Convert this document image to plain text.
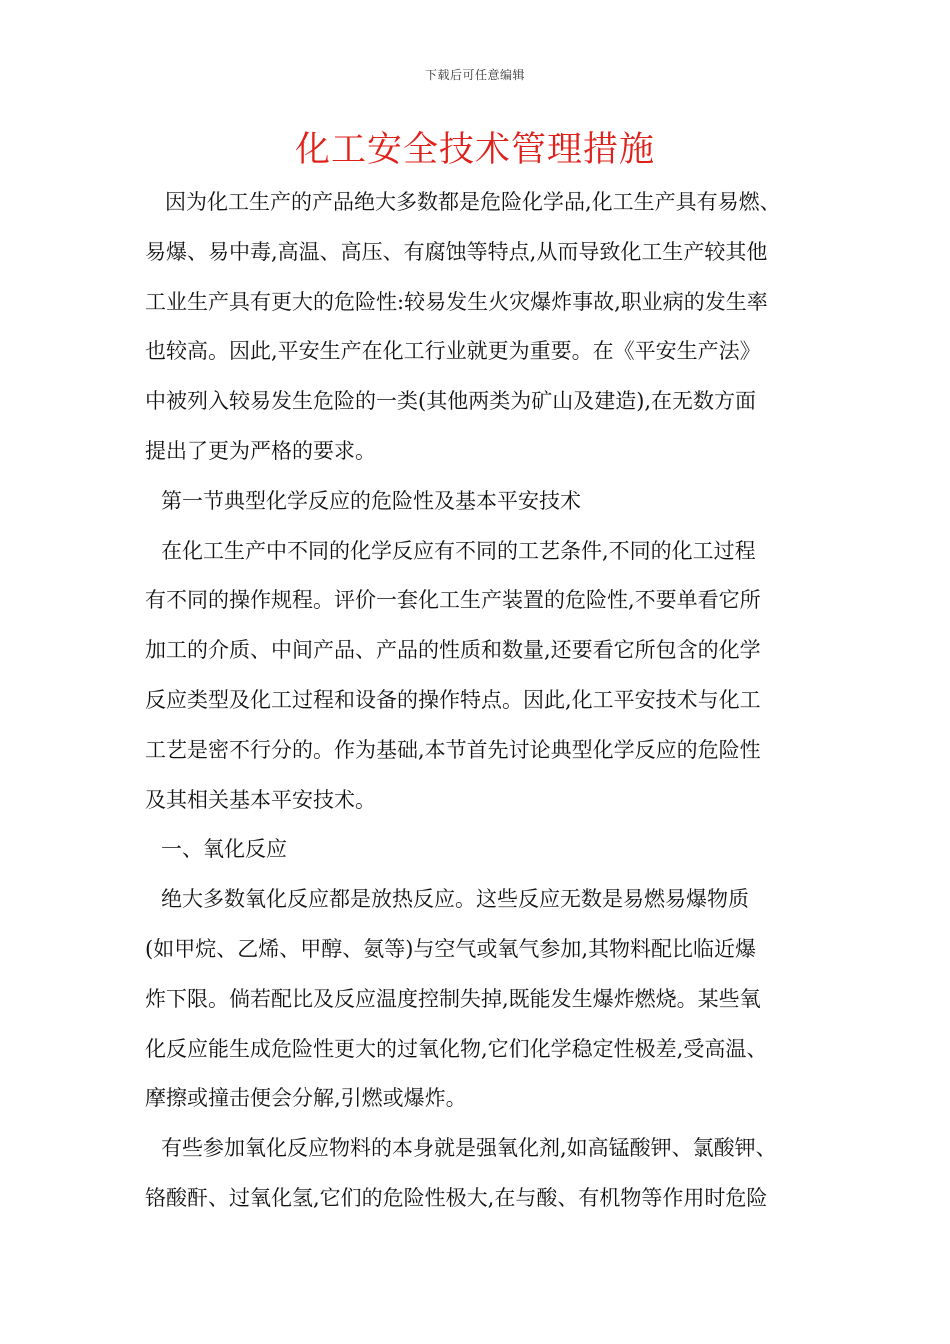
下载后可任意编辑
化工安全技术管理措施
因为化工生产的产品绝大多数都是危险化学品,化工生产具有易燃、
易爆、易中毒,高温、高压、有腐蚀等特点,从而导致化工生产较其他
工业生产具有更大的危险性:较易发生火灾爆炸事故,职业病的发生率
也较高。因此,平安生产在化工行业就更为重要。在《平安生产法》
中被列入较易发生危险的一类(其他两类为矿山及建造),在无数方面
提出了更为严格的要求。
第一节典型化学反应的危险性及基本平安技术
在化工生产中不同的化学反应有不同的工艺条件,不同的化工过程
有不同的操作规程。评价一套化工生产装置的危险性,不要单看它所
加工的介质、中间产品、产品的性质和数量,还要看它所包含的化学
反应类型及化工过程和设备的操作特点。因此,化工平安技术与化工
工艺是密不行分的。作为基础,本节首先讨论典型化学反应的危险性
及其相关基本平安技术。
一、氧化反应
绝大多数氧化反应都是放热反应。这些反应无数是易燃易爆物质
(如甲烷、乙烯、甲醇、氨等)与空气或氧气参加,其物料配比临近爆
炸下限。倘若配比及反应温度控制失掉,既能发生爆炸燃烧。某些氧
化反应能生成危险性更大的过氧化物,它们化学稳定性极差,受高温、
摩擦或撞击便会分解,引燃或爆炸。
有些参加氧化反应物料的本身就是强氧化剂,如高锰酸钾、氯酸钾、
铬酸酐、过氧化氢,它们的危险性极大,在与酸、有机物等作用时危险
